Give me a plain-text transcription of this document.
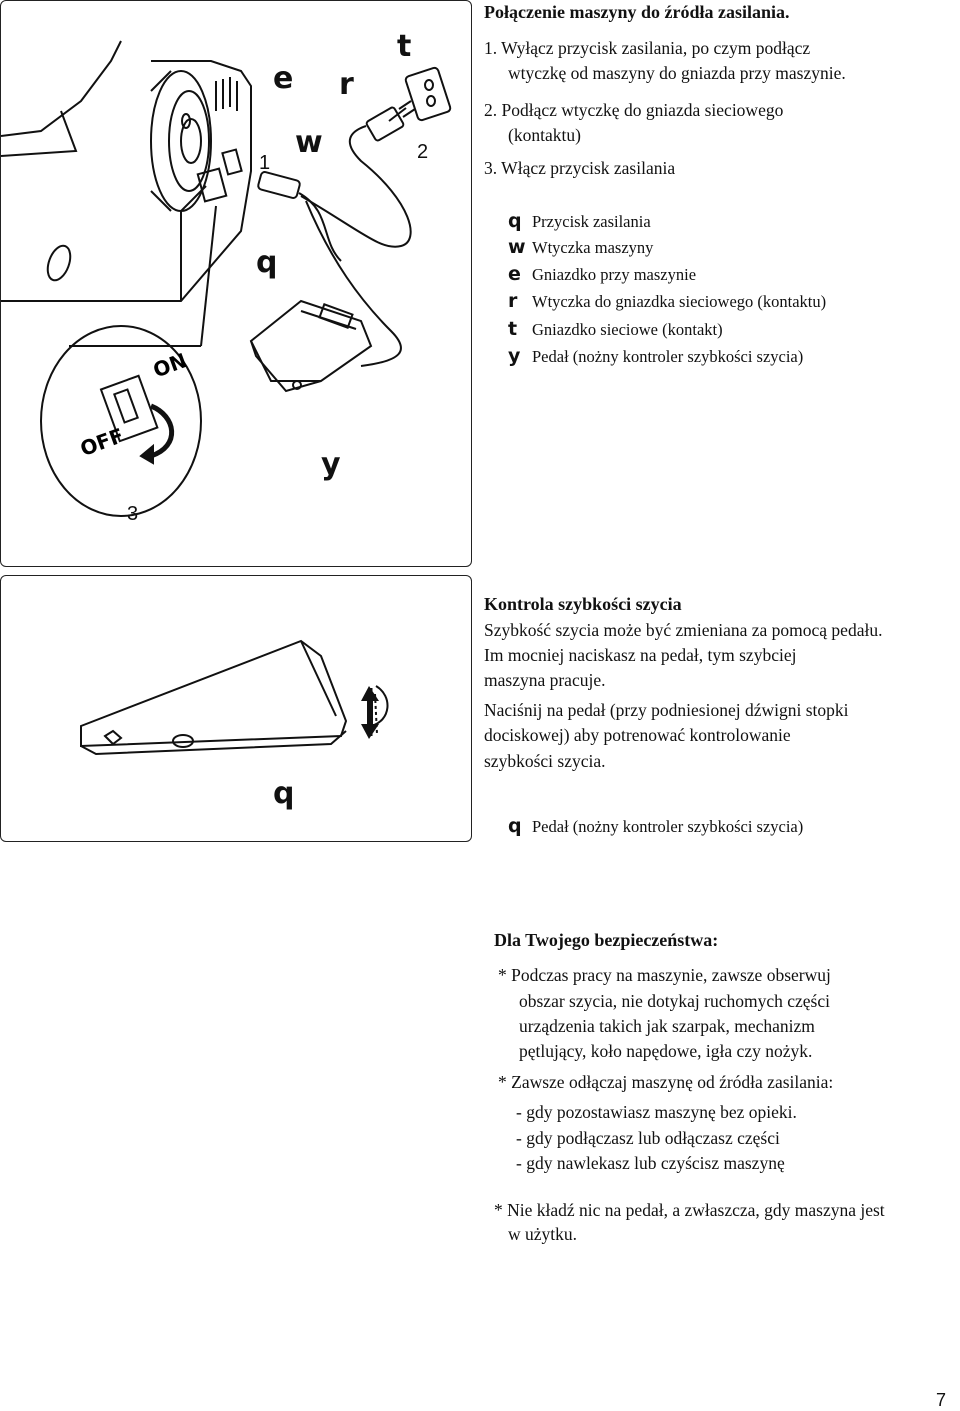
ON
OFF
e r
t
w
q
y
1	2
3
Połączenie maszyny do źródła zasilania.
1. Wyłącz przycisk zasilania, po czym podłącz
wtyczkę od maszyny do gniazda przy maszynie.
2. Podłącz wtyczkę do gniazda sieciowego
(kontaktu)
3. Włącz przycisk zasilania
q Przycisk zasilania
w Wtyczka maszyny
e Gniazdko przy maszynie
r Wtyczka do gniazdka sieciowego (kontaktu)
t Gniazdko sieciowe (kontakt)
y Pedał (nożny kontroler szybkości szycia)
q
Kontrola szybkości szycia
Szybkość szycia może być zmieniana za pomocą pedału.
Im mocniej naciskasz na pedał, tym szybciej
maszyna pracuje.
Naciśnij na pedał (przy podniesionej dźwigni stopki
dociskowej) aby potrenować kontrolowanie
szybkości szycia.
q Pedał (nożny kontroler szybkości szycia)
Dla Twojego bezpieczeństwa:
* Podczas pracy na maszynie, zawsze obserwuj
obszar szycia, nie dotykaj ruchomych części
urządzenia takich jak szarpak, mechanizm
pętlujący, koło napędowe, igła czy nożyk.
* Zawsze odłączaj maszynę od źródła zasilania:
- gdy pozostawiasz maszynę bez opieki.
- gdy podłączasz lub odłączasz części
- gdy nawlekasz lub czyścisz maszynę
* Nie kładź nic na pedał, a zwłaszcza, gdy maszyna jest
w użytku.
7
